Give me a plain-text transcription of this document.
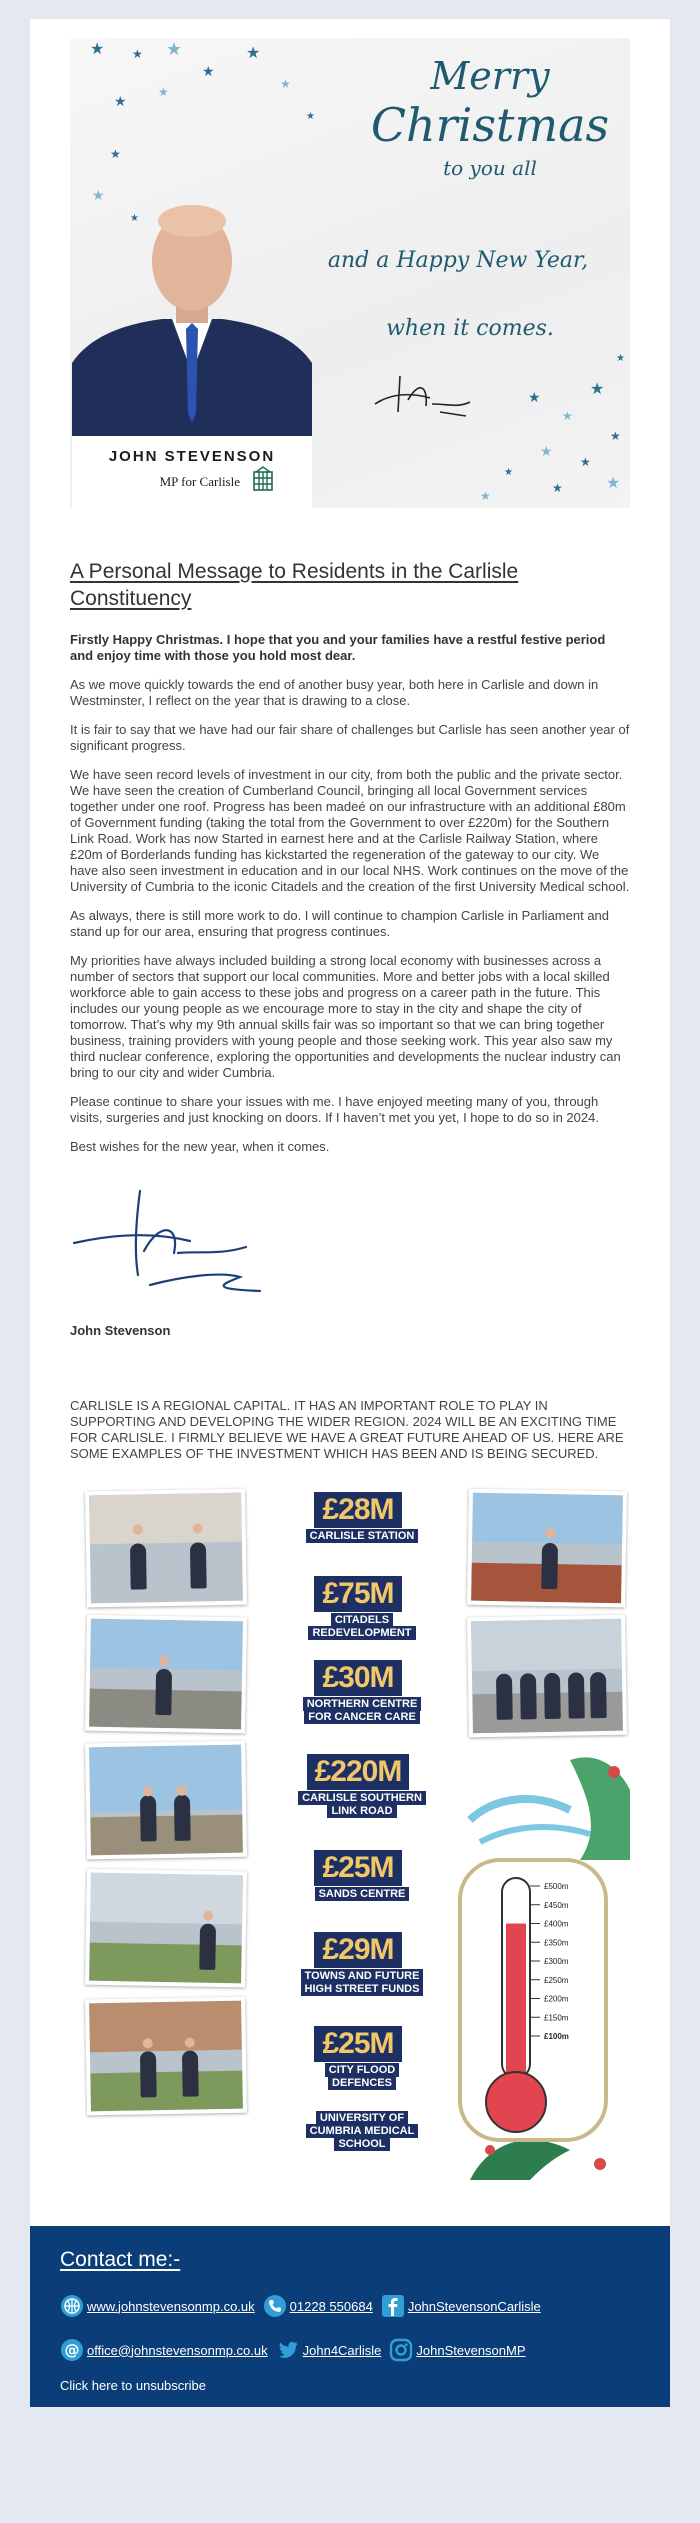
★ ★ ★
★
★
★
★
★
★
★
★
★
★
★
★
★
★
★
★
★
★
★
★
Merry
Christmas
to you all
and a Happy New Year,
when it comes.
JOHN STEVENSON
MP for Carlisle
A Personal Message to Residents in the Carlisle Constituency

Firstly Happy Christmas. I hope that you and your families have a restful festive period and enjoy time with those you hold most dear.

As we move quickly towards the end of another busy year, both here in Carlisle and down in Westminster, I reflect on the year that is drawing to a close.

It is fair to say that we have had our fair share of challenges but Carlisle has seen another year of significant progress.

We have seen record levels of investment in our city, from both the public and the private sector. We have seen the creation of Cumberland Council, bringing all local Government services together under one roof. Progress has been madeé on our infrastructure with an additional £80m of Government funding (taking the total from the Government to over £220m) for the Southern Link Road. Work has now Started in earnest here and at the Carlisle Railway Station, where £20m of Borderlands funding has kickstarted the regeneration of the gateway to our city. We have also seen investment in education and in our local NHS. Work continues on the move of the University of Cumbria to the iconic Citadels and the creation of the first University Medical school.

As always, there is still more work to do. I will continue to champion Carlisle in Parliament and stand up for our area, ensuring that progress continues.

My priorities have always included building a strong local economy with businesses across a number of sectors that support our local communities. More and better jobs with a local skilled workforce able to gain access to these jobs and progress on a career path in the future. This includes our young people as we encourage more to stay in the city and shape the city of tomorrow. That’s why my 9th annual skills fair was so important so that we can bring together business, training providers with young people and those seeking work. This year also saw my third nuclear conference, exploring the opportunities and developments the nuclear industry can bring to our city and wider Cumbria.

Please continue to share your issues with me. I have enjoyed meeting many of you, through visits, surgeries and just knocking on doors. If I haven’t met you yet, I hope to do so in 2024.

Best wishes for the new year, when it comes.

John Stevenson

CARLISLE IS A REGIONAL CAPITAL. IT HAS AN IMPORTANT ROLE TO PLAY IN SUPPORTING AND DEVELOPING THE WIDER REGION. 2024 WILL BE AN EXCITING TIME FOR CARLISLE. I FIRMLY BELIEVE WE HAVE A GREAT FUTURE AHEAD OF US. HERE ARE SOME EXAMPLES OF THE INVESTMENT WHICH HAS BEEN AND IS BEING SECURED.

£28M
CARLISLE STATION
£75M
CITADELS REDEVELOPMENT
£30M
NORTHERN CENTRE FOR CANCER CARE
£220M
CARLISLE SOUTHERN LINK ROAD
£25M
SANDS CENTRE
£29M
TOWNS AND FUTURE HIGH STREET FUNDS
£25M
CITY FLOOD DEFENCES
UNIVERSITY OF CUMBRIA MEDICAL SCHOOL
£500m
£450m
£400m
£350m
£300m
£250m
£200m
£150m
£100m
Contact me:-
www.johnstevensonmp.co.uk	01228 550684	JohnStevensonCarlisle
@ office@johnstevensonmp.co.uk	John4Carlisle	JohnStevensonMP
Click here to unsubscribe
